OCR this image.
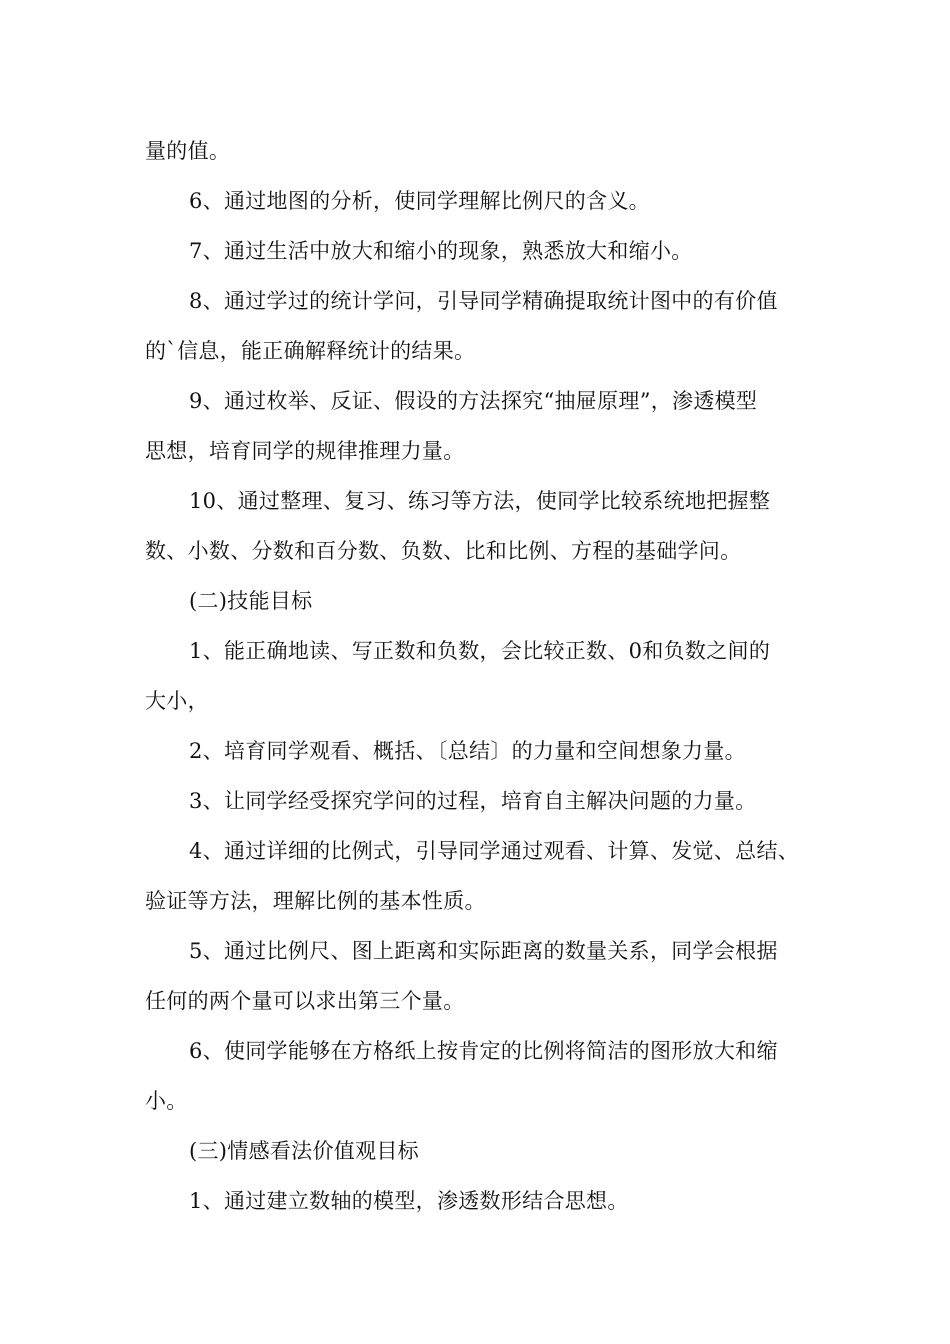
量的值。
6、通过地图的分析，使同学理解比例尺的含义。
7、通过生活中放大和缩小的现象，熟悉放大和缩小。
8、通过学过的统计学问，引导同学精确提取统计图中的有价值
的`信息，能正确解释统计的结果。
9、通过枚举、反证、假设的方法探究“抽屉原理”，渗透模型
思想，培育同学的规律推理力量。
10、通过整理、复习、练习等方法，使同学比较系统地把握整
数、小数、分数和百分数、负数、比和比例、方程的基础学问。
(二)技能目标
1、能正确地读、写正数和负数，会比较正数、0和负数之间的
大小，
2、培育同学观看、概括、〔总结〕的力量和空间想象力量。
3、让同学经受探究学问的过程，培育自主解决问题的力量。
4、通过详细的比例式，引导同学通过观看、计算、发觉、总结、
验证等方法，理解比例的基本性质。
5、通过比例尺、图上距离和实际距离的数量关系，同学会根据
任何的两个量可以求出第三个量。
6、使同学能够在方格纸上按肯定的比例将简洁的图形放大和缩
小。
(三)情感看法价值观目标
1、通过建立数轴的模型，渗透数形结合思想。
